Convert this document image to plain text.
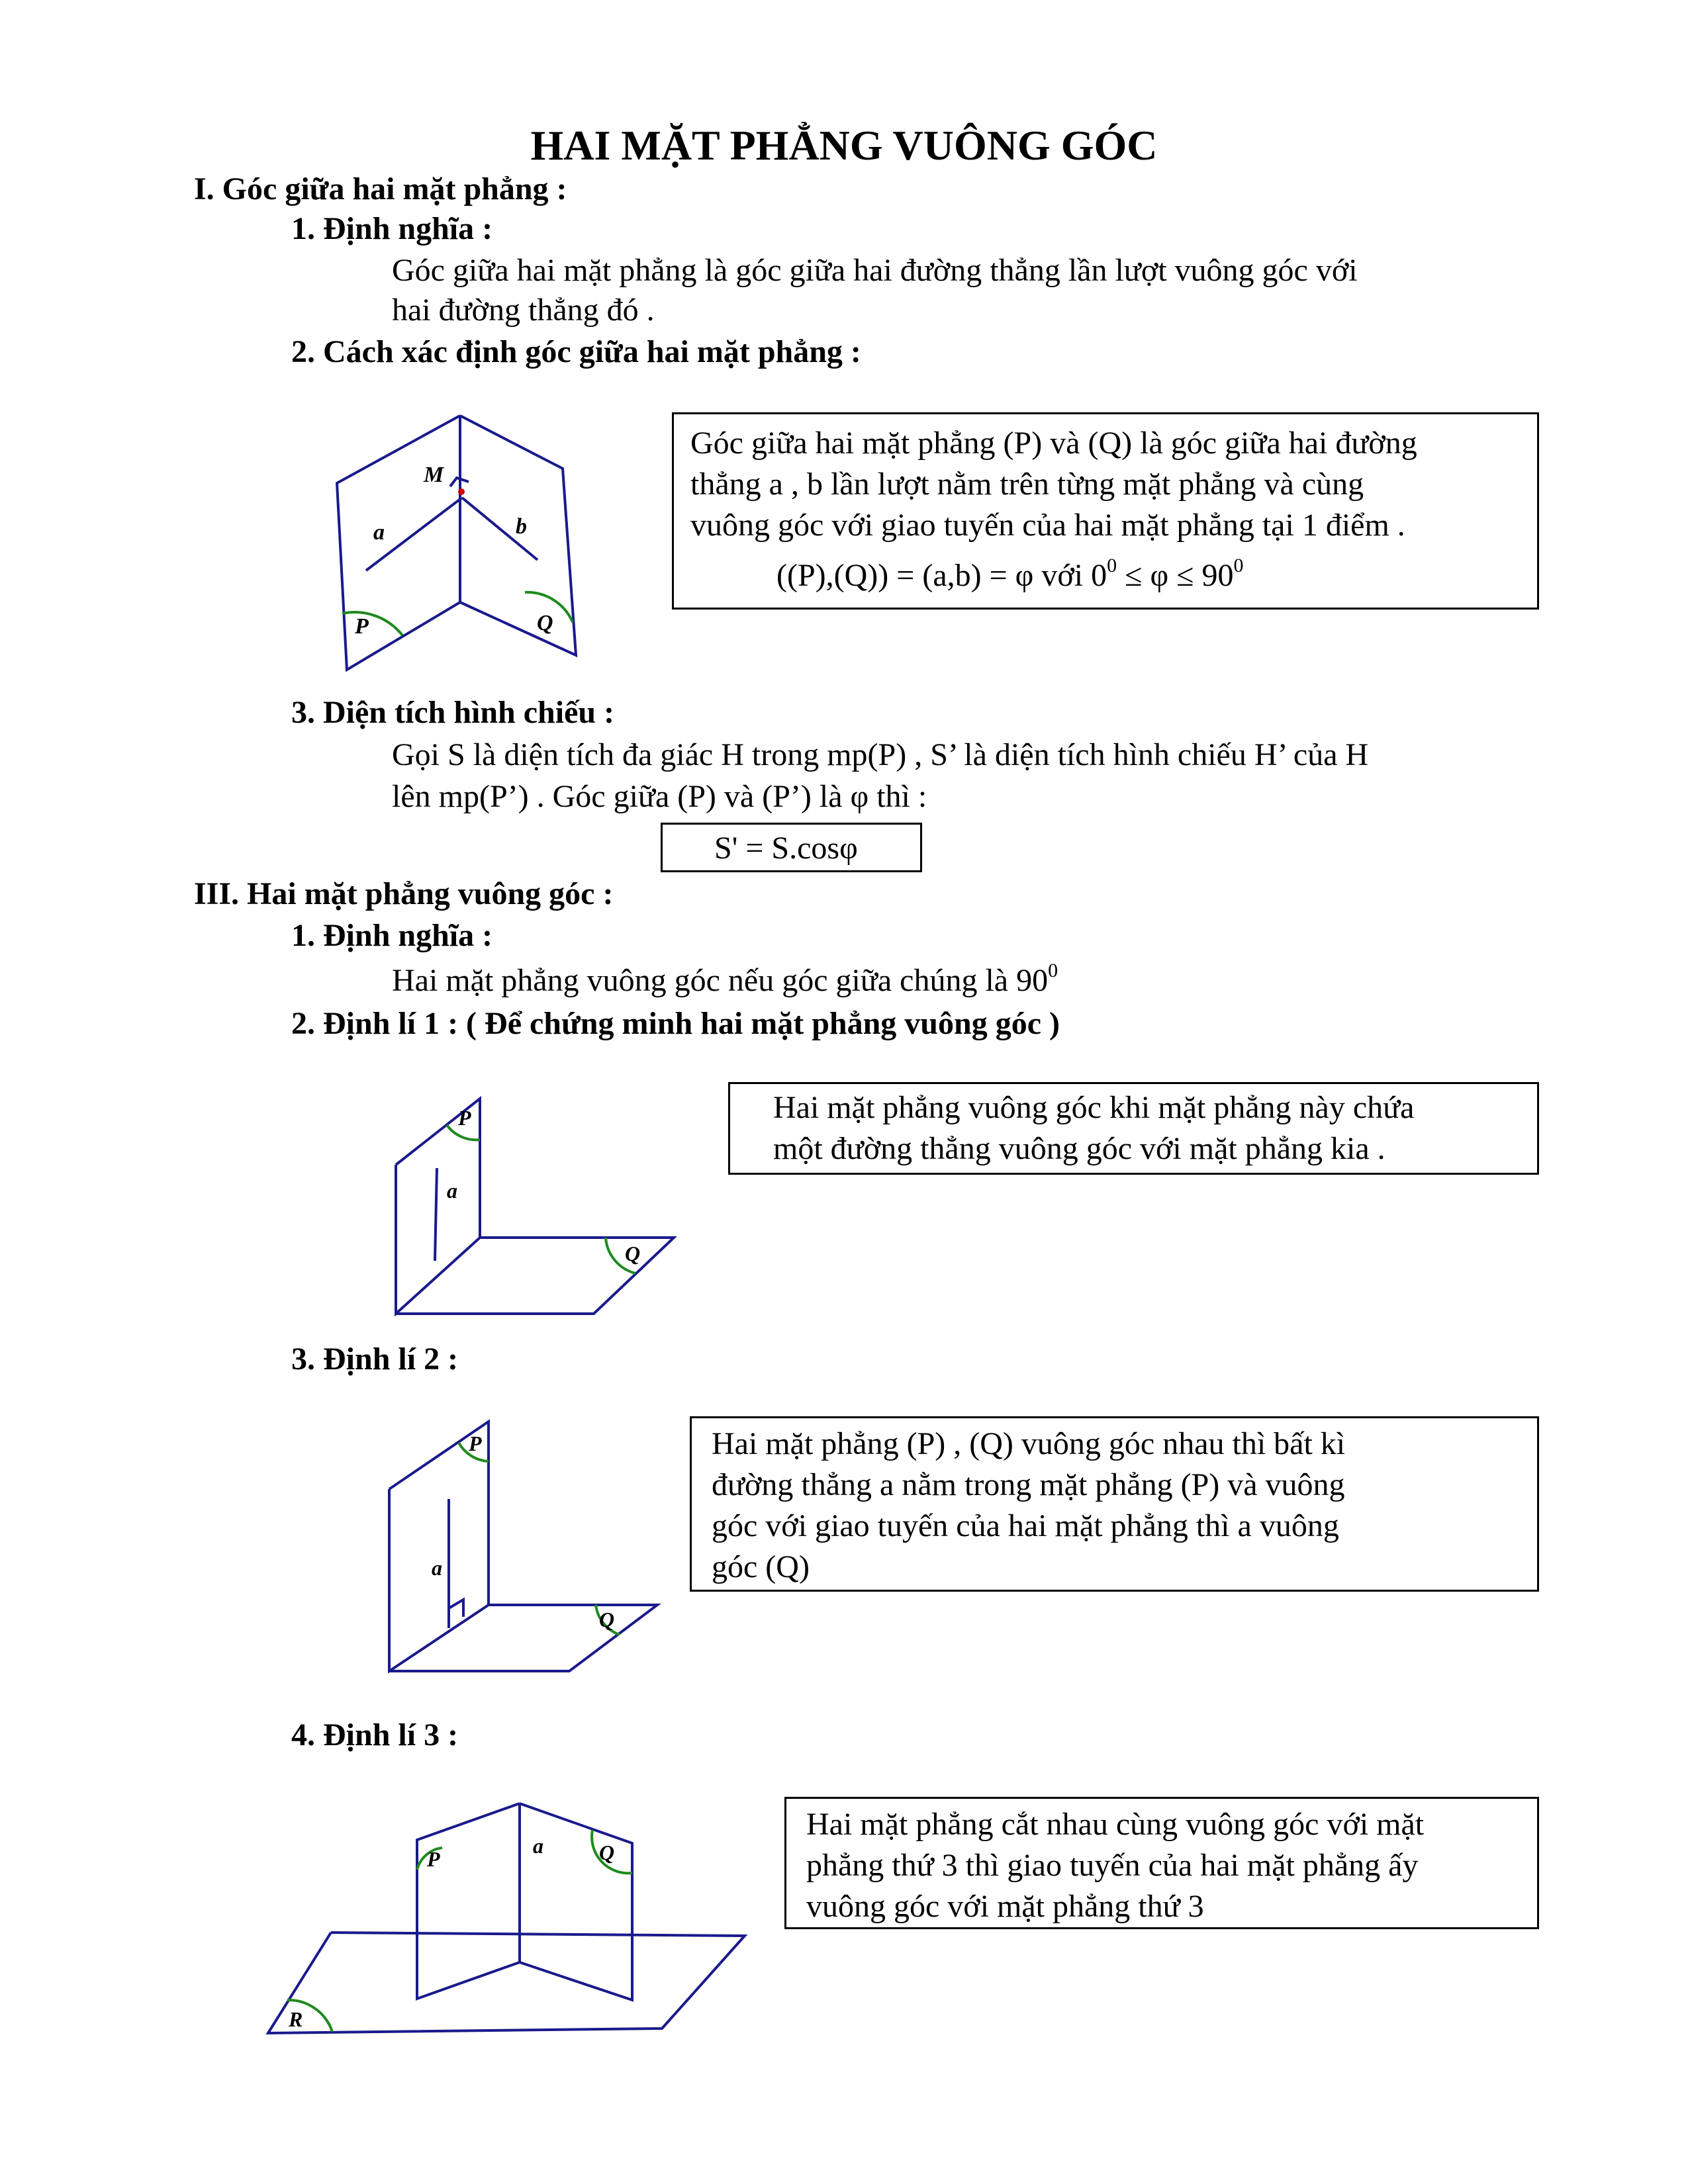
HAI MẶT PHẲNG VUÔNG GÓC
I. Góc giữa hai mặt phẳng :
1. Định nghĩa :
Góc giữa hai mặt phẳng là góc giữa hai đường thẳng lần lượt vuông góc với
hai đường thẳng đó .
2. Cách xác định góc giữa hai mặt phẳng :
M
a	b
P	Q
Góc giữa hai mặt phẳng (P) và (Q) là góc giữa hai đường
thẳng a , b lần lượt nằm trên từng mặt phẳng và cùng
vuông góc với giao tuyến của hai mặt phẳng tại 1 điểm .
((P),(Q)) = (a,b) = φ với $0^0 \le \varphi \le 90^0$
3. Diện tích hình chiếu :
Gọi S là diện tích đa giác H trong mp(P) , S’ là diện tích hình chiếu H’ của H
lên mp(P’) . Góc giữa (P) và (P’) là φ thì :
S' = S.cosφ
III. Hai mặt phẳng vuông góc :
1. Định nghĩa :
Hai mặt phẳng vuông góc nếu góc giữa chúng là $90^0$
2. Định lí 1 : ( Để chứng minh hai mặt phẳng vuông góc )
P
a
Q
Hai mặt phẳng vuông góc khi mặt phẳng này chứa
một đường thẳng vuông góc với mặt phẳng kia .
3. Định lí 2 :
P
a
Q
Hai mặt phẳng (P) , (Q) vuông góc nhau thì bất kì
đường thẳng a nằm trong mặt phẳng (P) và vuông
góc với giao tuyến của hai mặt phẳng thì a vuông
góc (Q)
4. Định lí 3 :
P
a	Q
R
Hai mặt phẳng cắt nhau cùng vuông góc với mặt
phẳng thứ 3 thì giao tuyến của hai mặt phẳng ấy
vuông góc với mặt phẳng thứ 3
